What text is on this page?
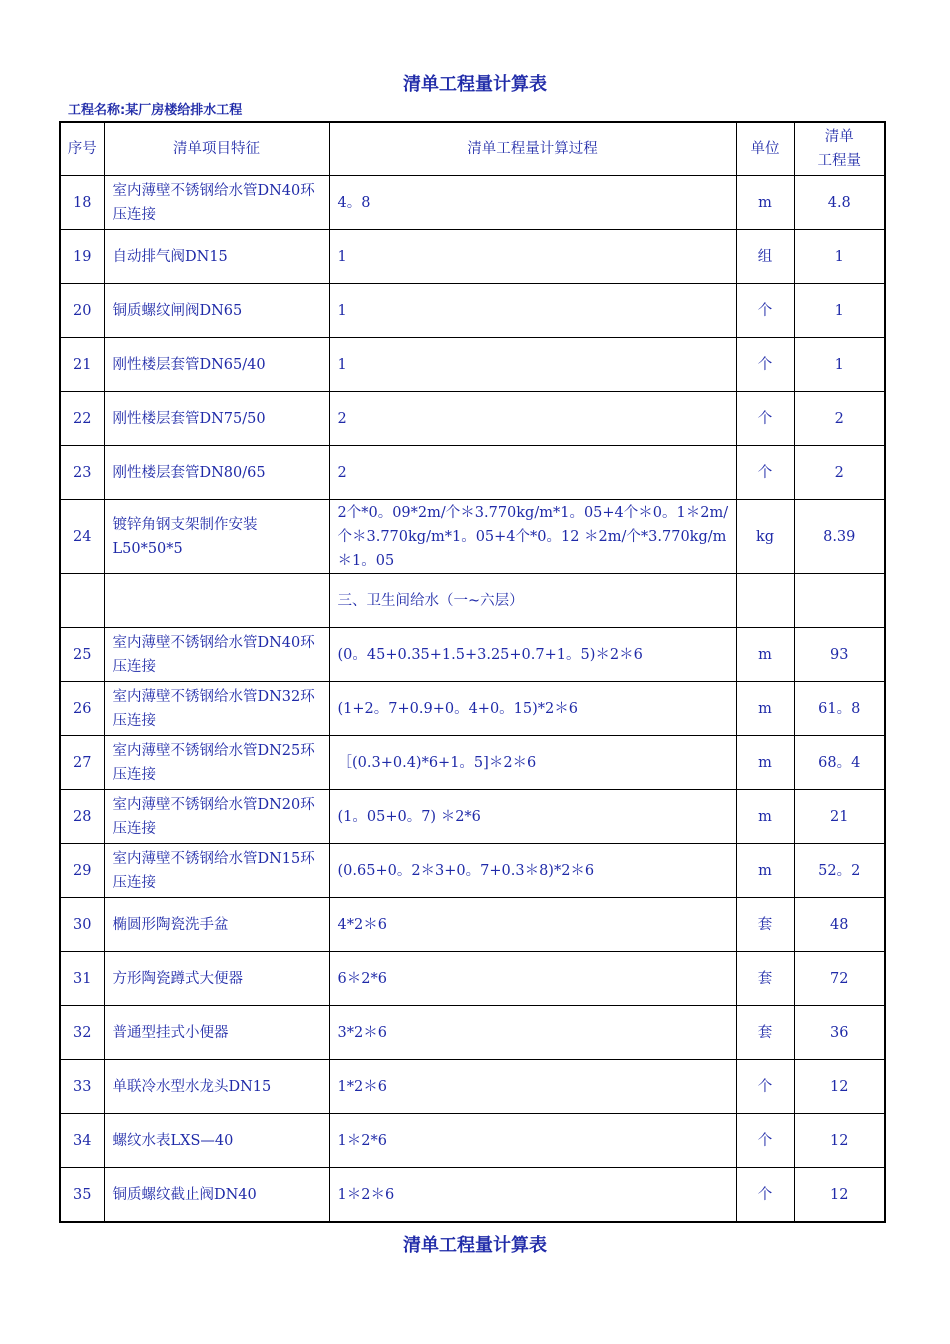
清单工程量计算表
工程名称:某厂房楼给排水工程
序号	清单项目特征	清单工程量计算过程	单位	清单
工程量
18	室内薄壁不锈钢给水管DN40环压连接	4。8	m	4.8
19	自动排气阀DN15	1	组	1
20	铜质螺纹闸阀DN65	1	个	1
21	刚性楼层套管DN65/40	1	个	1
22	刚性楼层套管DN75/50	2	个	2
23	刚性楼层套管DN80/65	2	个	2
24	镀锌角钢支架制作安装L50*50*5	2个*0。09*2m/个＊3.770kg/m*1。05+4个＊0。1＊2m/个＊3.770kg/m*1。05+4个*0。12 ＊2m/个*3.770kg/m＊1。05	kg	8.39
		三、卫生间给水（一~六层）		
25	室内薄壁不锈钢给水管DN40环压连接	(0。45+0.35+1.5+3.25+0.7+1。5)＊2＊6	m	93
26	室内薄壁不锈钢给水管DN32环压连接	(1+2。7+0.9+0。4+0。15)*2＊6	m	61。8
27	室内薄壁不锈钢给水管DN25环压连接	［(0.3+0.4)*6+1。5]＊2＊6	m	68。4
28	室内薄壁不锈钢给水管DN20环压连接	(1。05+0。7) ＊2*6	m	21
29	室内薄壁不锈钢给水管DN15环压连接	(0.65+0。2＊3+0。7+0.3＊8)*2＊6	m	52。2
30	椭圆形陶瓷洗手盆	4*2＊6	套	48
31	方形陶瓷蹲式大便器	6＊2*6	套	72
32	普通型挂式小便器	3*2＊6	套	36
33	单联冷水型水龙头DN15	1*2＊6	个	12
34	螺纹水表LXS—40	1＊2*6	个	12
35	铜质螺纹截止阀DN40	1＊2＊6	个	12
清单工程量计算表
